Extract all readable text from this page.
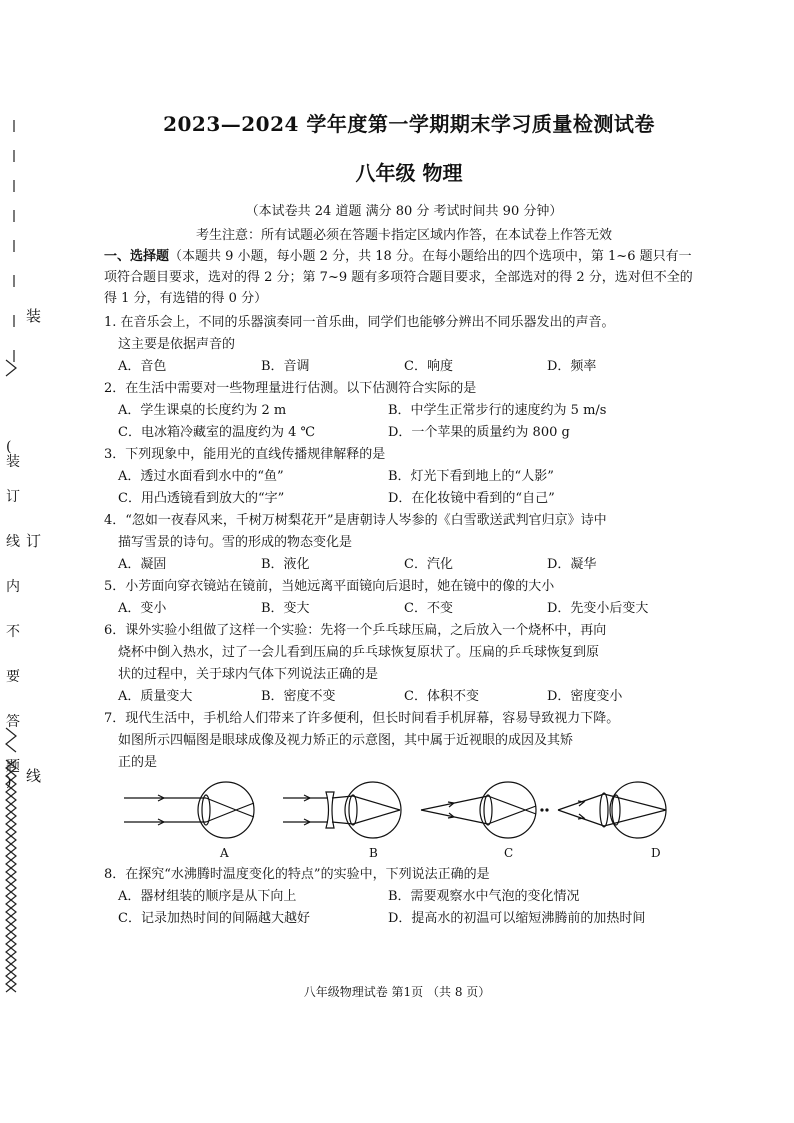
装
订
线
(
装
订
线
内
不
要
答
题
)
2023—2024 学年度第一学期期末学习质量检测试卷
八年级 物理
（本试卷共 24 道题 满分 80 分 考试时间共 90 分钟）
考生注意：所有试题必须在答题卡指定区域内作答，在本试卷上作答无效
一、选择题（本题共 9 小题，每小题 2 分，共 18 分。在每小题给出的四个选项中，第 1~6 题只有一项符合题目要求，选对的得 2 分；第 7~9 题有多项符合题目要求，全部选对的得 2 分，选对但不全的得 1 分，有选错的得 0 分）
1. 在音乐会上，不同的乐器演奏同一首乐曲，同学们也能够分辨出不同乐器发出的声音。
这主要是依据声音的
A．音色	B．音调	C．响度	D．频率
2．在生活中需要对一些物理量进行估测。以下估测符合实际的是
A．学生课桌的长度约为 2 m	B．中学生正常步行的速度约为 5 m/s
C．电冰箱冷藏室的温度约为 4 ℃	D．一个苹果的质量约为 800 g
3．下列现象中，能用光的直线传播规律解释的是
A．透过水面看到水中的“鱼”	B．灯光下看到地上的“人影”
C．用凸透镜看到放大的“字”	D．在化妆镜中看到的“自己”
4．“忽如一夜春风来，千树万树梨花开”是唐朝诗人岑参的《白雪歌送武判官归京》诗中
描写雪景的诗句。雪的形成的物态变化是
A．凝固	B．液化	C．汽化	D．凝华
5．小芳面向穿衣镜站在镜前，当她远离平面镜向后退时，她在镜中的像的大小
A．变小	B．变大	C．不变	D．先变小后变大
6．课外实验小组做了这样一个实验：先将一个乒乓球压扁，之后放入一个烧杯中，再向
烧杯中倒入热水，过了一会儿看到压扁的乒乓球恢复原状了。压扁的乒乓球恢复到原
状的过程中，关于球内气体下列说法正确的是
A．质量变大	B．密度不变	C．体积不变	D．密度变小
7．现代生活中，手机给人们带来了许多便利，但长时间看手机屏幕，容易导致视力下降。
如图所示四幅图是眼球成像及视力矫正的示意图，其中属于近视眼的成因及其矫
正的是
A	B	C	D
8．在探究“水沸腾时温度变化的特点”的实验中，下列说法正确的是
A．器材组装的顺序是从下向上	B．需要观察水中气泡的变化情况
C．记录加热时间的间隔越大越好	D．提高水的初温可以缩短沸腾前的加热时间
八年级物理试卷 第1页 （共 8 页）
